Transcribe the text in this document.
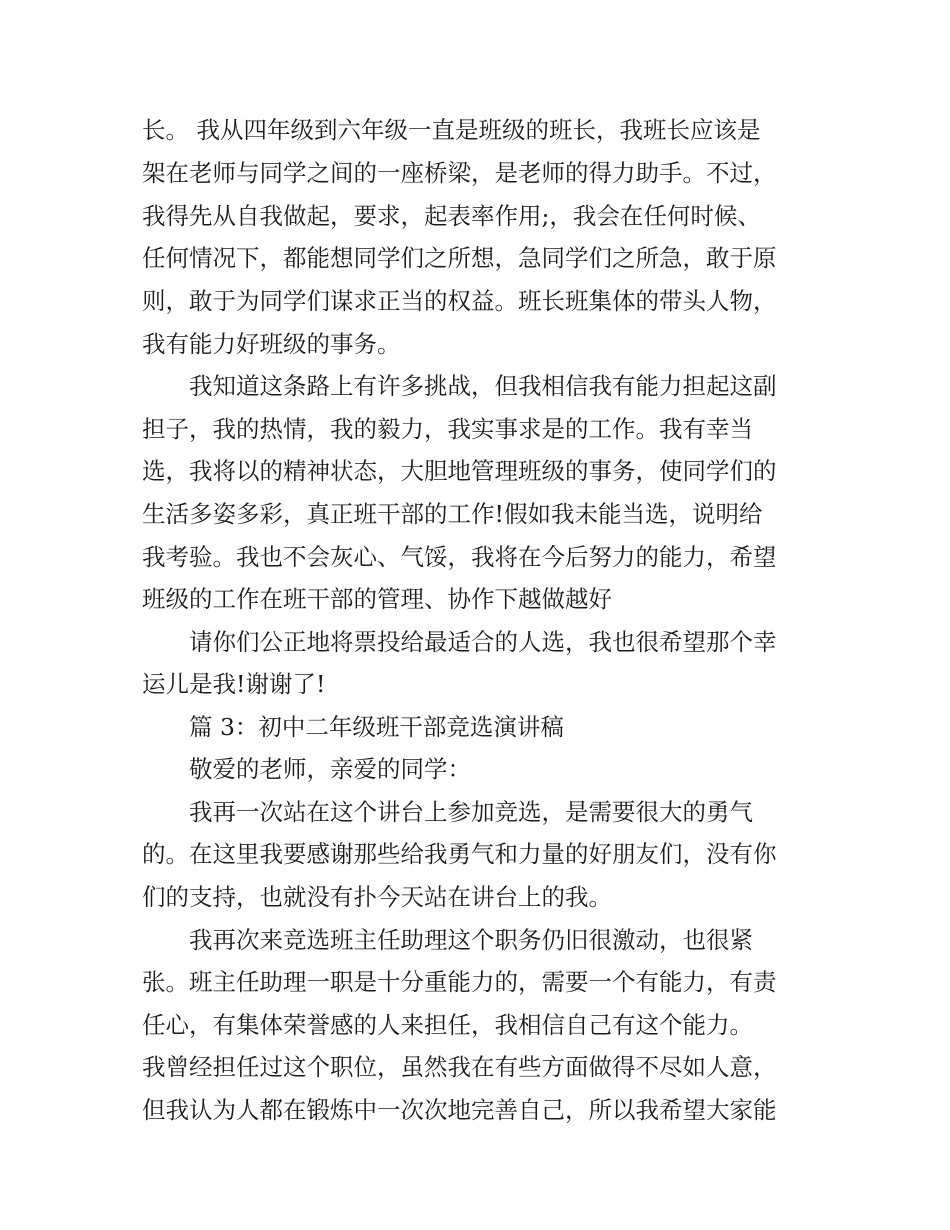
长。 我从四年级到六年级一直是班级的班长，我班长应该是

架在老师与同学之间的一座桥梁，是老师的得力助手。不过，

我得先从自我做起，要求，起表率作用;，我会在任何时候、

任何情况下，都能想同学们之所想，急同学们之所急，敢于原

则，敢于为同学们谋求正当的权益。班长班集体的带头人物，

我有能力好班级的事务。

我知道这条路上有许多挑战，但我相信我有能力担起这副

担子，我的热情，我的毅力，我实事求是的工作。我有幸当

选，我将以的精神状态，大胆地管理班级的事务，使同学们的

生活多姿多彩，真正班干部的工作!假如我未能当选，说明给

我考验。我也不会灰心、气馁，我将在今后努力的能力，希望

班级的工作在班干部的管理、协作下越做越好

请你们公正地将票投给最适合的人选，我也很希望那个幸

运儿是我!谢谢了!

篇 3：初中二年级班干部竞选演讲稿

敬爱的老师，亲爱的同学：

我再一次站在这个讲台上参加竞选，是需要很大的勇气

的。在这里我要感谢那些给我勇气和力量的好朋友们，没有你

们的支持，也就没有扑今天站在讲台上的我。

我再次来竞选班主任助理这个职务仍旧很激动，也很紧

张。班主任助理一职是十分重能力的，需要一个有能力，有责

任心，有集体荣誉感的人来担任，我相信自己有这个能力。

我曾经担任过这个职位，虽然我在有些方面做得不尽如人意，

但我认为人都在锻炼中一次次地完善自己，所以我希望大家能
